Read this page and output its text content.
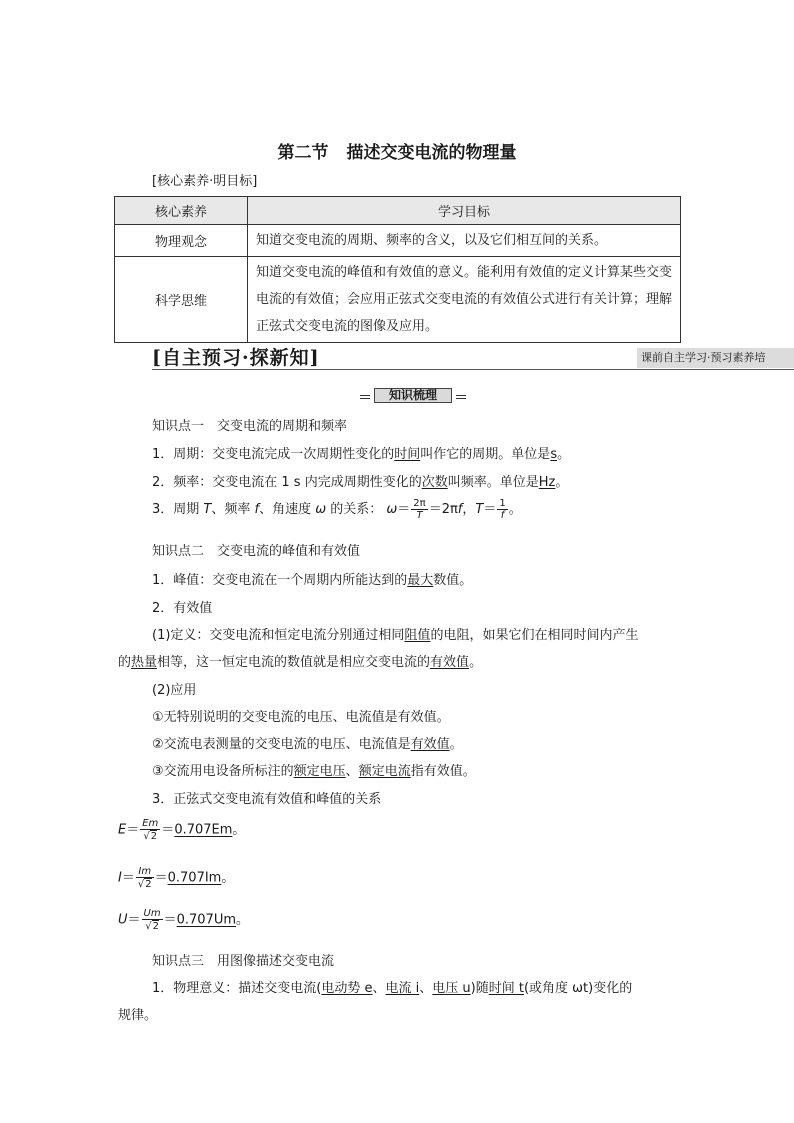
第二节 描述交变电流的物理量
[核心素养·明目标]
核心素养	学习目标
物理观念	知道交变电流的周期、频率的含义，以及它们相互间的关系。
科学思维	知道交变电流的峰值和有效值的意义。能利用有效值的定义计算某些交变电流的有效值；会应用正弦式交变电流的有效值公式进行有关计算；理解正弦式交变电流的图像及应用。
[自主预习·探新知]	课前自主学习·预习素养培
知识梳理
知识点一　交变电流的周期和频率
1．周期：交变电流完成一次周期性变化的时间叫作它的周期。单位是s。
2．频率：交变电流在 1 s 内完成周期性变化的次数叫频率。单位是Hz。
3．周期 T、频率 f、角速度 ω 的关系： $\omega= \frac{2\pi}{T} =2\pi f$，$T= \frac{1}{f}$ 。
知识点二　交变电流的峰值和有效值
1．峰值：交变电流在一个周期内所能达到的最大数值。
2．有效值
(1)定义：交变电流和恒定电流分别通过相同阻值的电阻，如果它们在相同时间内产生
的热量相等，这一恒定电流的数值就是相应交变电流的有效值。
(2)应用
①无特别说明的交变电流的电压、电流值是有效值。
②交流电表测量的交变电流的电压、电流值是有效值。
③交流用电设备所标注的额定电压、额定电流指有效值。
3．正弦式交变电流有效值和峰值的关系
$E= \frac{Em}{√2} =0.707Em$。
$I= \frac{Im}{√2} =0.707Im$。
$U= \frac{Um}{√2} =0.707Um$。
知识点三　用图像描述交变电流
1．物理意义：描述交变电流(电动势 e、电流 i、电压 u)随时间 t(或角度 ωt)变化的
规律。
